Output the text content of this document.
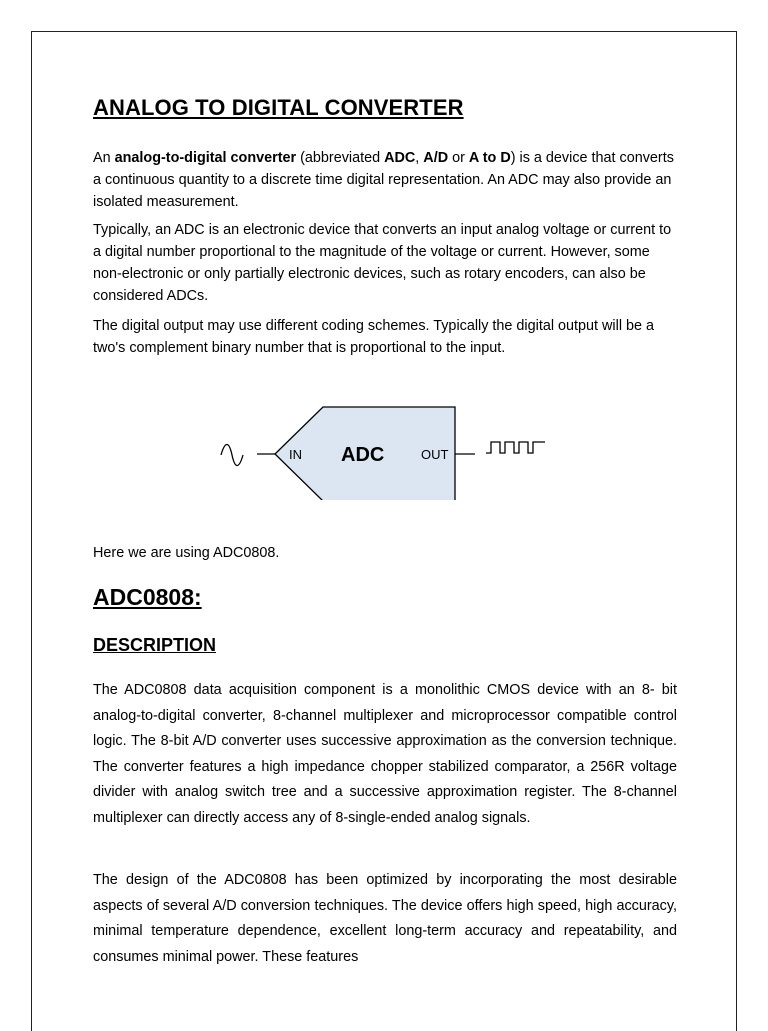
ANALOG TO DIGITAL CONVERTER

An analog-to-digital converter (abbreviated ADC, A/D or A to D) is a device that converts a continuous quantity to a discrete time digital representation. An ADC may also provide an isolated measurement.

Typically, an ADC is an electronic device that converts an input analog voltage or current to a digital number proportional to the magnitude of the voltage or current. However, some non-electronic or only partially electronic devices, such as rotary encoders, can also be considered ADCs.

The digital output may use different coding schemes. Typically the digital output will be a two's complement binary number that is proportional to the input.

IN ADC	OUT

Here we are using ADC0808.

ADC0808:
DESCRIPTION

The ADC0808 data acquisition component is a monolithic CMOS device with an 8- bit analog-to-digital converter, 8-channel multiplexer and microprocessor compatible control logic. The 8-bit A/D converter uses successive approximation as the conversion technique. The converter features a high impedance chopper stabilized comparator, a 256R voltage divider with analog switch tree and a successive approximation register. The 8-channel multiplexer can directly access any of 8-single-ended analog signals.

The design of the ADC0808 has been optimized by incorporating the most desirable aspects of several A/D conversion techniques. The device offers high speed, high accuracy, minimal temperature dependence, excellent long-term accuracy and repeatability, and consumes minimal power. These features
